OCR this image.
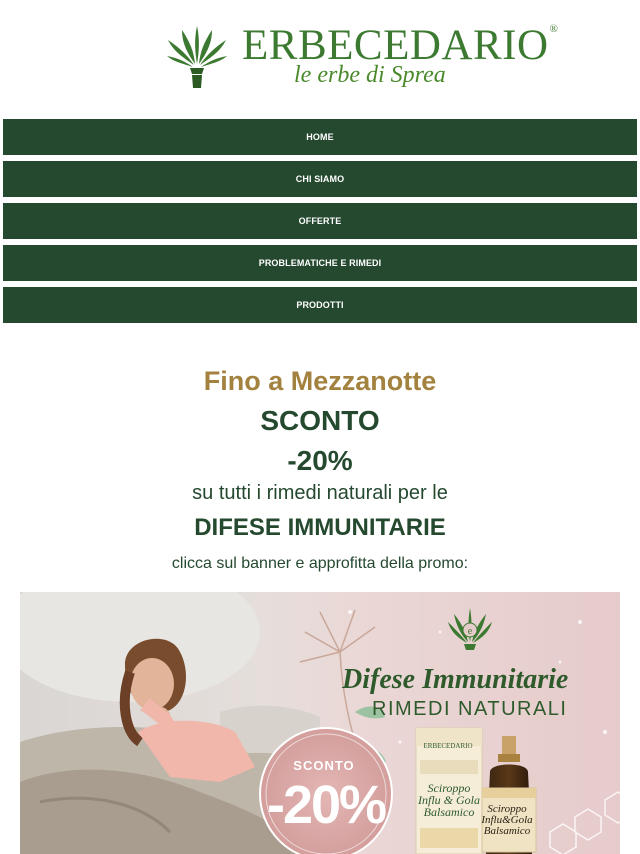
ERBECEDARIO®
le erbe di Sprea
HOME
CHI SIAMO
OFFERTE
PROBLEMATICHE E RIMEDI
PRODOTTI
Fino a Mezzanotte
SCONTO
-20%
su tutti i rimedi naturali per le
DIFESE IMMUNITARIE
clicca sul banner e approfitta della promo:
e
Difese Immunitarie
RIMEDI NATURALI
SCONTO
-20%
ERBECEDARIO
Sciroppo Influ & Gola Balsamico	Sciroppo Influ&Gola Balsamico
